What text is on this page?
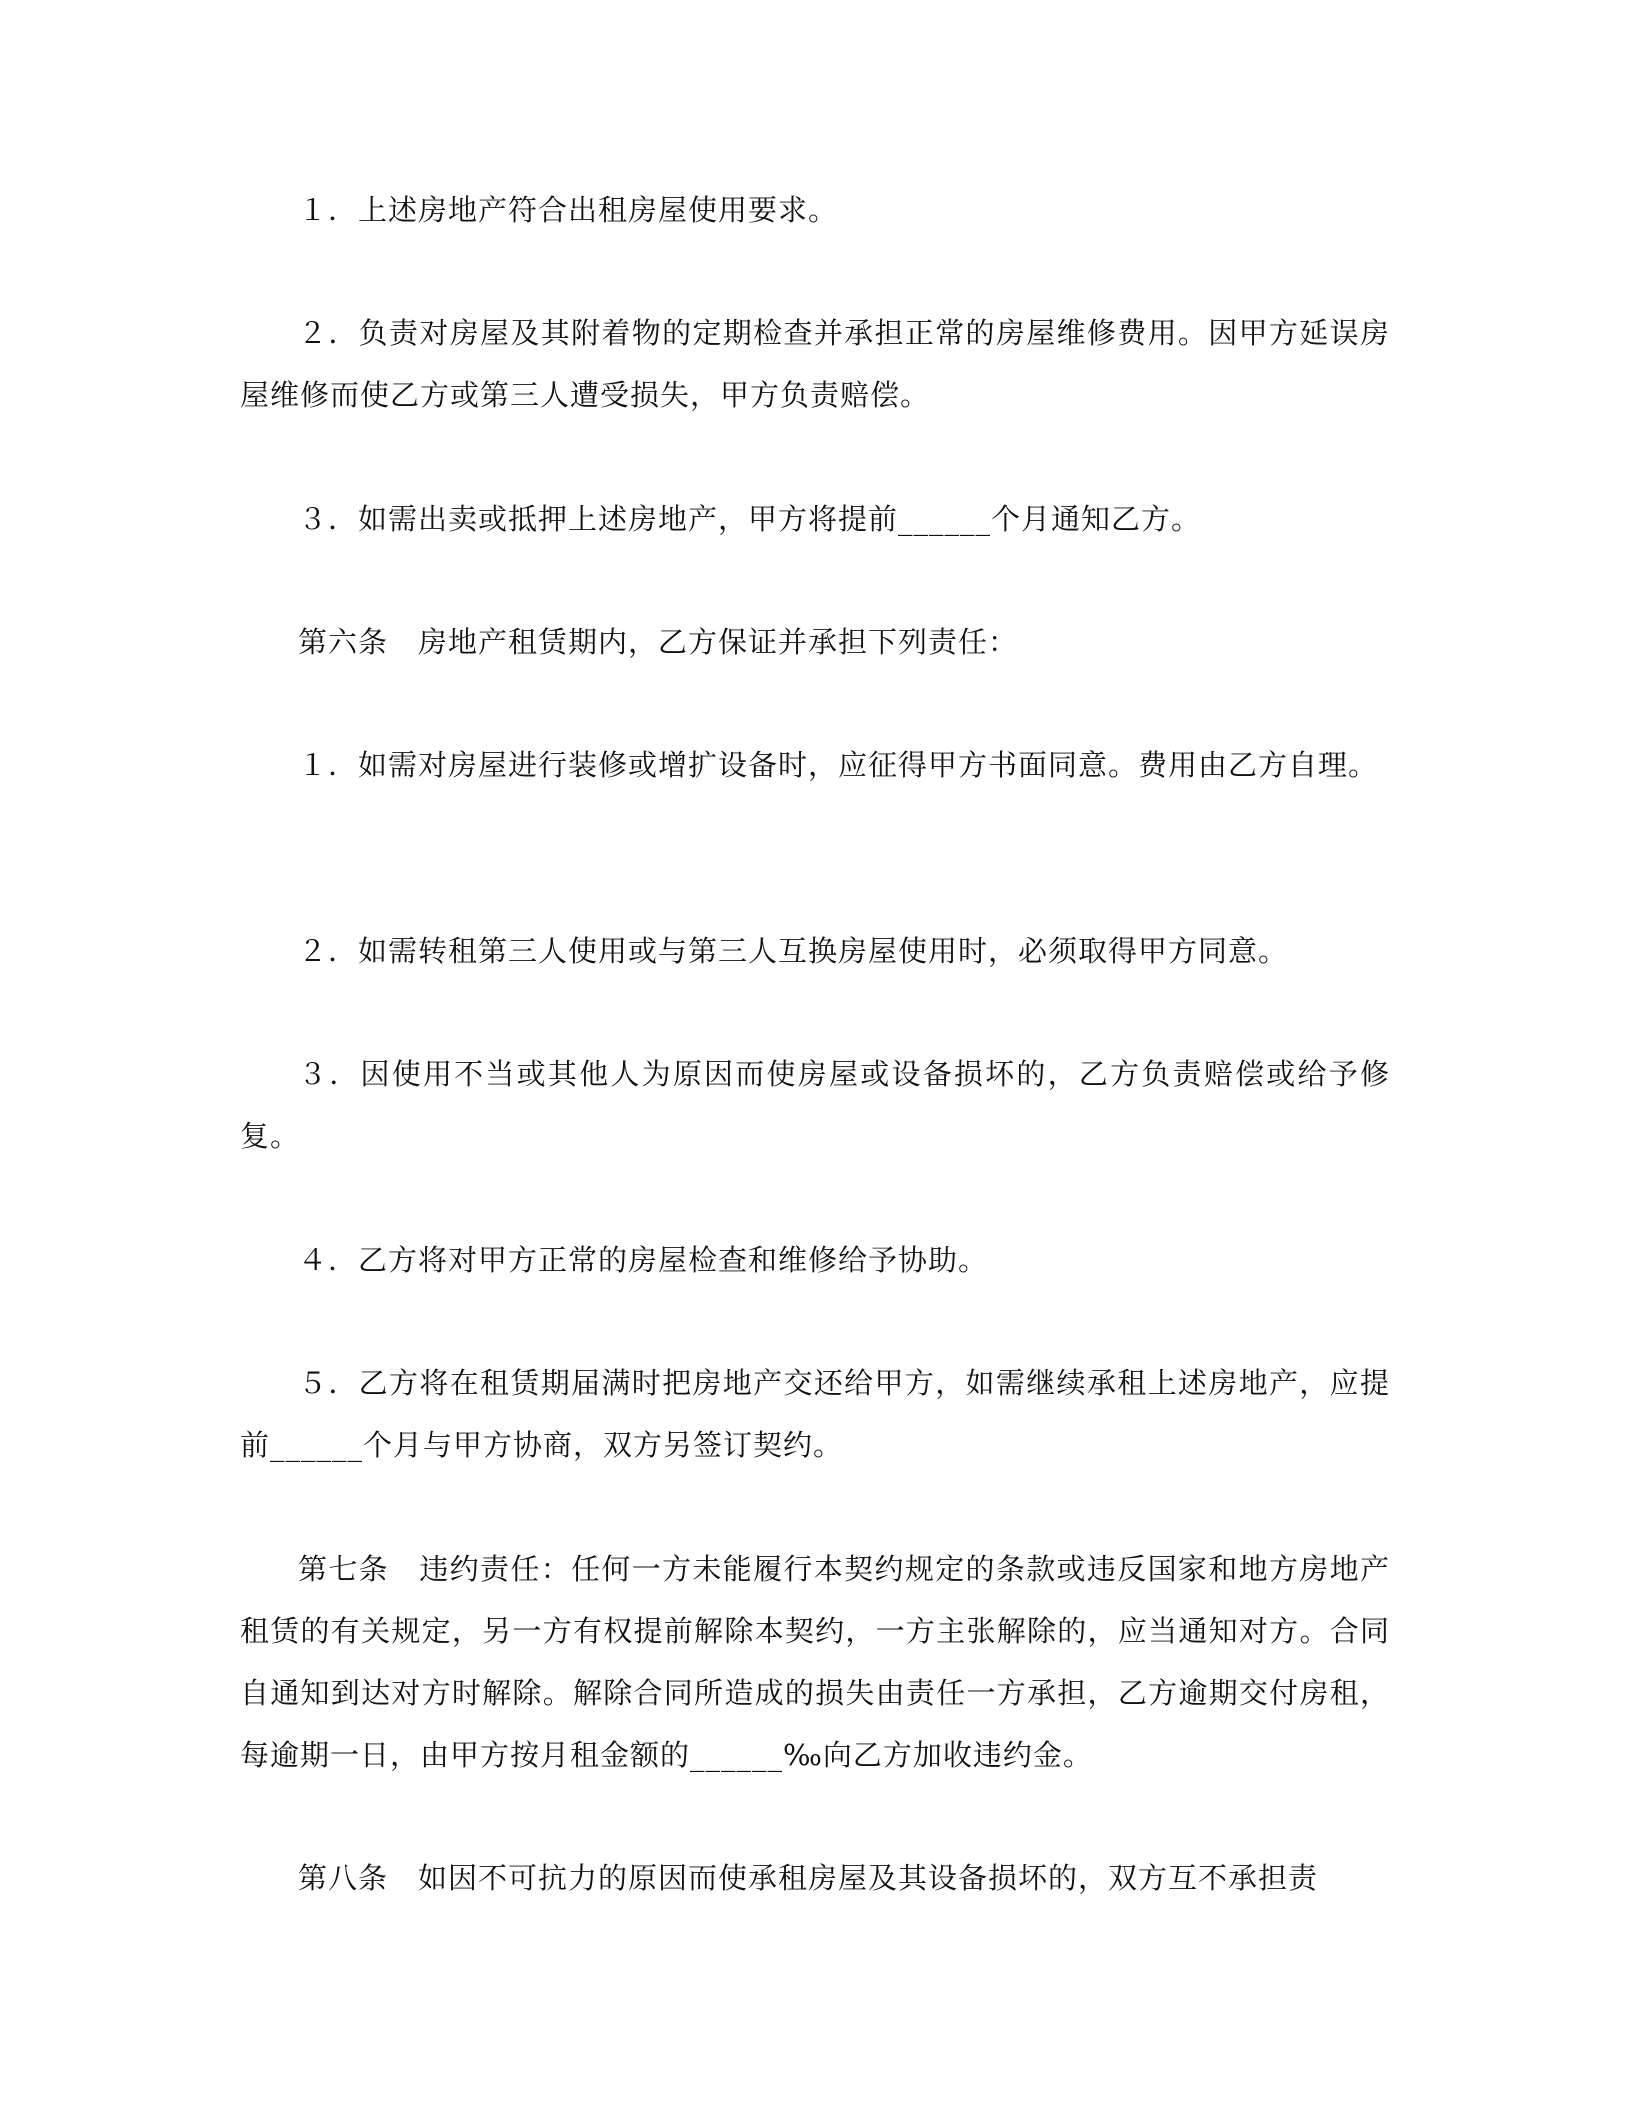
１．上述房地产符合出租房屋使用要求。

２．负责对房屋及其附着物的定期检查并承担正常的房屋维修费用。因甲方延误房屋维修而使乙方或第三人遭受损失，甲方负责赔偿。

３．如需出卖或抵押上述房地产，甲方将提前______个月通知乙方。

第六条　房地产租赁期内，乙方保证并承担下列责任：

１．如需对房屋进行装修或增扩设备时，应征得甲方书面同意。费用由乙方自理。

２．如需转租第三人使用或与第三人互换房屋使用时，必须取得甲方同意。

３．因使用不当或其他人为原因而使房屋或设备损坏的，乙方负责赔偿或给予修复。

４．乙方将对甲方正常的房屋检查和维修给予协助。

５．乙方将在租赁期届满时把房地产交还给甲方，如需继续承租上述房地产，应提前______个月与甲方协商，双方另签订契约。

第七条　违约责任：任何一方未能履行本契约规定的条款或违反国家和地方房地产租赁的有关规定，另一方有权提前解除本契约，一方主张解除的，应当通知对方。合同自通知到达对方时解除。解除合同所造成的损失由责任一方承担，乙方逾期交付房租，每逾期一日，由甲方按月租金额的______‰向乙方加收违约金。

第八条　如因不可抗力的原因而使承租房屋及其设备损坏的，双方互不承担责
